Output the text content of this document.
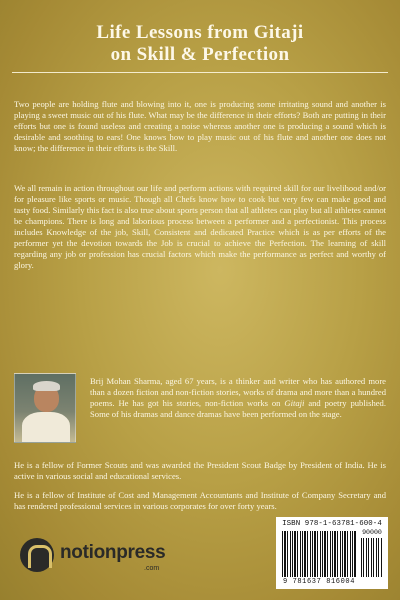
Life Lessons from Gitaji
on Skill & Perfection

Two people are holding flute and blowing into it, one is producing some irritating sound and another is playing a sweet music out of his flute. What may be the difference in their efforts? Both are putting in their efforts but one is found useless and creating a noise whereas another one is producing a sound which is desirable and soothing to ears! One knows how to play music out of his flute and another one does not know; the difference in their efforts is the Skill.

We all remain in action throughout our life and perform actions with required skill for our livelihood and/or for pleasure like sports or music. Though all Chefs know how to cook but very few can make good and tasty food. Similarly this fact is also true about sports person that all athletes can play but all athletes cannot be champions. There is long and laborious process between a performer and a perfectionist. This process includes Knowledge of the job, Skill, Consistent and dedicated Practice which is as per efforts of the performer yet the devotion towards the Job is crucial to achieve the Perfection. The learning of skill regarding any job or profession has crucial factors which make the performance as perfect and worthy of glory.

Brij Mohan Sharma, aged 67 years, is a thinker and writer who has authored more than a dozen fiction and non-fiction stories, works of drama and more than a hundred poems. He has got his stories, non-fiction works on Gitaji and poetry published. Some of his dramas and dance dramas have been performed on the stage.

He is a fellow of Former Scouts and was awarded the President Scout Badge by President of India. He is active in various social and educational services.

He is a fellow of Institute of Cost and Management Accountants and Institute of Company Secretary and has rendered professional services in various corporates for over forty years.

notionpress
.com
ISBN 978-1-63781-600-4
90000
9 781637 816004
